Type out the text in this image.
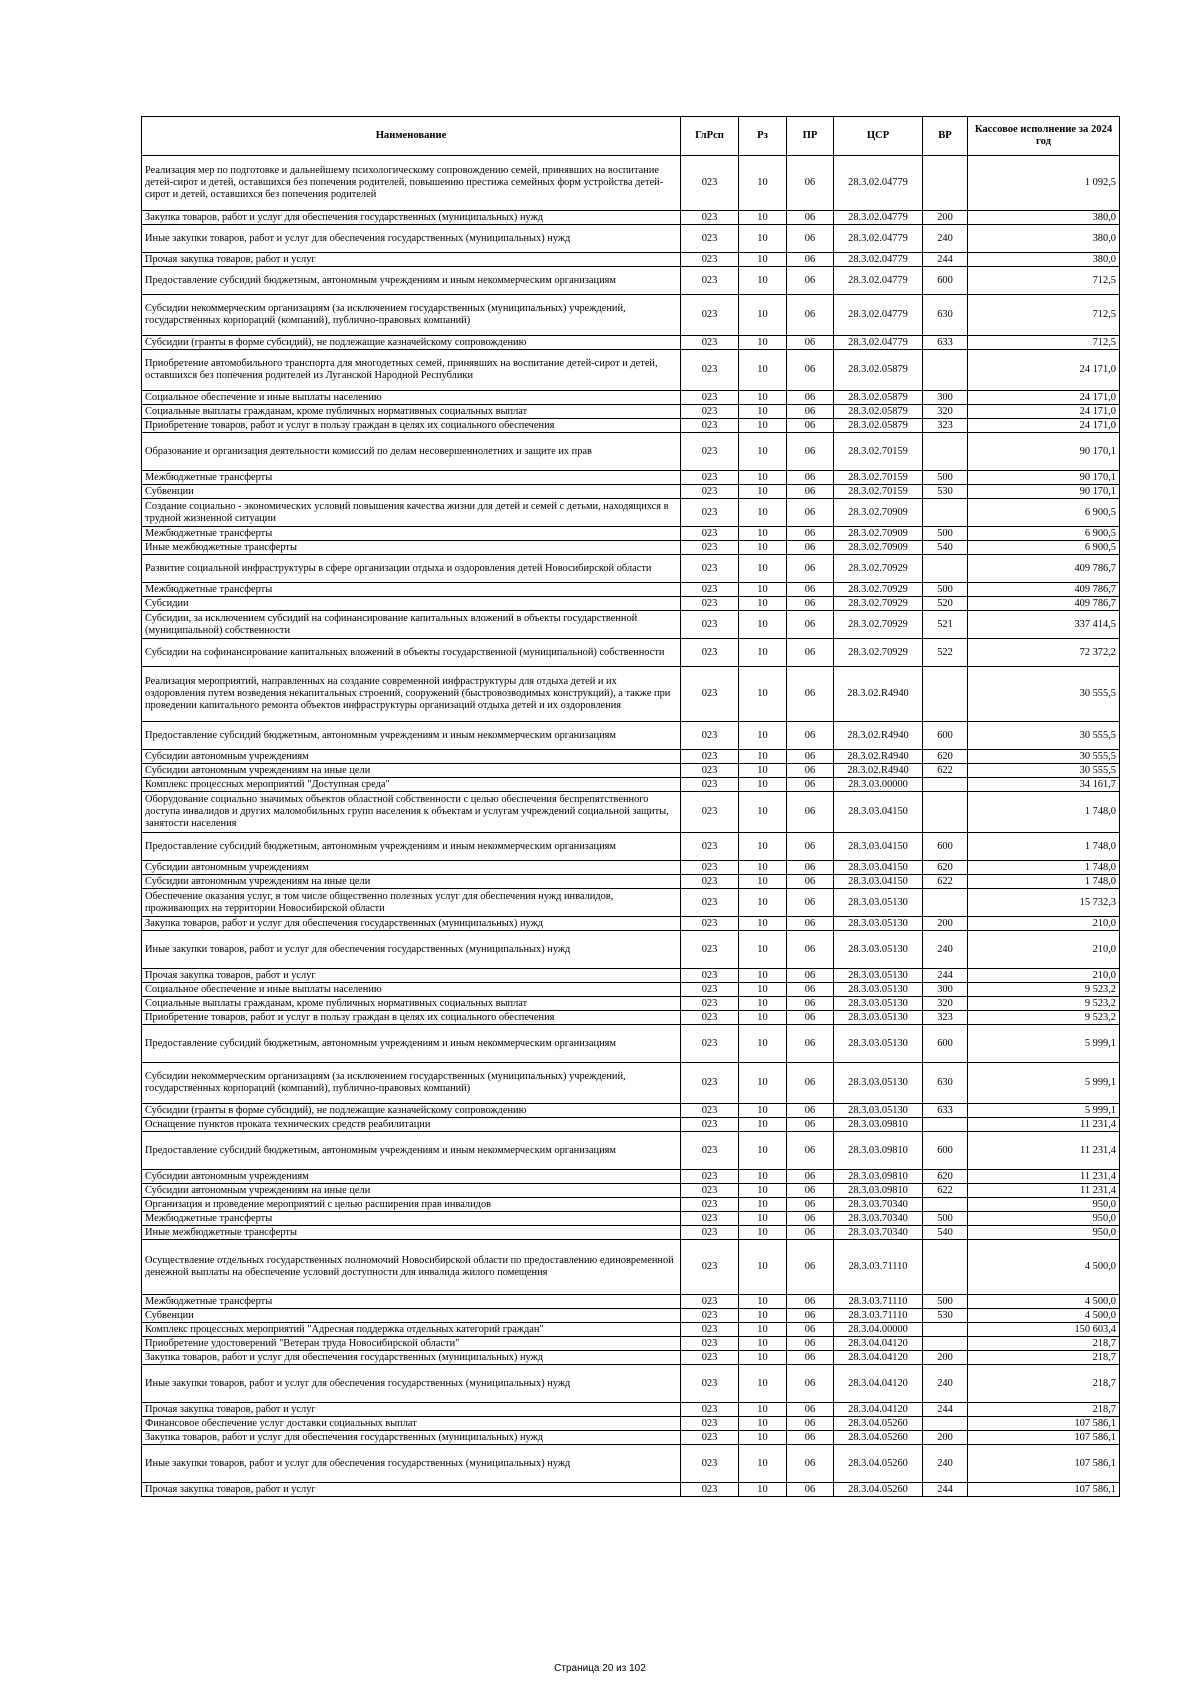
Наименование	ГлРсп	Рз	ПР	ЦСР	ВР	Кассовое исполнение за 2024 год
Реализация мер по подготовке и дальнейшему психологическому сопровождению семей, принявших на воспитание детей-сирот и детей, оставшихся без попечения родителей, повышению престижа семейных форм устройства детей-сирот и детей, оставшихся без попечения родителей	023	10	06	28.3.02.04779		1 092,5
Закупка товаров, работ и услуг для обеспечения государственных (муниципальных) нужд	023	10	06	28.3.02.04779	200	380,0
Иные закупки товаров, работ и услуг для обеспечения государственных (муниципальных) нужд	023	10	06	28.3.02.04779	240	380,0
Прочая закупка товаров, работ и услуг	023	10	06	28.3.02.04779	244	380,0
Предоставление субсидий бюджетным, автономным учреждениям и иным некоммерческим организациям	023	10	06	28.3.02.04779	600	712,5
Субсидии некоммерческим организациям (за исключением государственных (муниципальных) учреждений, государственных корпораций (компаний), публично-правовых компаний)	023	10	06	28.3.02.04779	630	712,5
Субсидии (гранты в форме субсидий), не подлежащие казначейскому сопровождению	023	10	06	28.3.02.04779	633	712,5
Приобретение автомобильного транспорта для многодетных семей, принявших на воспитание детей-сирот и детей, оставшихся без попечения родителей из Луганской Народной Республики	023	10	06	28.3.02.05879		24 171,0
Социальное обеспечение и иные выплаты населению	023	10	06	28.3.02.05879	300	24 171,0
Социальные выплаты гражданам, кроме публичных нормативных социальных выплат	023	10	06	28.3.02.05879	320	24 171,0
Приобретение товаров, работ и услуг в пользу граждан в целях их социального обеспечения	023	10	06	28.3.02.05879	323	24 171,0
Образование и организация деятельности комиссий по делам несовершеннолетних и защите их прав	023	10	06	28.3.02.70159		90 170,1
Межбюджетные трансферты	023	10	06	28.3.02.70159	500	90 170,1
Субвенции	023	10	06	28.3.02.70159	530	90 170,1
Создание социально - экономических условий повышения качества жизни для детей и семей с детьми, находящихся в трудной жизненной ситуации	023	10	06	28.3.02.70909		6 900,5
Межбюджетные трансферты	023	10	06	28.3.02.70909	500	6 900,5
Иные межбюджетные трансферты	023	10	06	28.3.02.70909	540	6 900,5
Развитие социальной инфраструктуры в сфере организации отдыха и оздоровления детей Новосибирской области	023	10	06	28.3.02.70929		409 786,7
Межбюджетные трансферты	023	10	06	28.3.02.70929	500	409 786,7
Субсидии	023	10	06	28.3.02.70929	520	409 786,7
Субсидии, за исключением субсидий на софинансирование капитальных вложений в объекты государственной (муниципальной) собственности	023	10	06	28.3.02.70929	521	337 414,5
Субсидии на софинансирование капитальных вложений в объекты государственной (муниципальной) собственности	023	10	06	28.3.02.70929	522	72 372,2
Реализация мероприятий, направленных на создание современной инфраструктуры для отдыха детей и их оздоровления путем возведения некапитальных строений, сооружений (быстровозводимых конструкций), а также при проведении капитального ремонта объектов инфраструктуры организаций отдыха детей и их оздоровления	023	10	06	28.3.02.R4940		30 555,5
Предоставление субсидий бюджетным, автономным учреждениям и иным некоммерческим организациям	023	10	06	28.3.02.R4940	600	30 555,5
Субсидии автономным учреждениям	023	10	06	28.3.02.R4940	620	30 555,5
Субсидии автономным учреждениям на иные цели	023	10	06	28.3.02.R4940	622	30 555,5
Комплекс процессных мероприятий "Доступная среда"	023	10	06	28.3.03.00000		34 161,7
Оборудование социально значимых объектов областной собственности с целью обеспечения беспрепятственного доступа инвалидов и других маломобильных групп населения к объектам и услугам учреждений социальной защиты, занятости населения	023	10	06	28.3.03.04150		1 748,0
Предоставление субсидий бюджетным, автономным учреждениям и иным некоммерческим организациям	023	10	06	28.3.03.04150	600	1 748,0
Субсидии автономным учреждениям	023	10	06	28.3.03.04150	620	1 748,0
Субсидии автономным учреждениям на иные цели	023	10	06	28.3.03.04150	622	1 748,0
Обеспечение оказания услуг, в том числе общественно полезных услуг для обеспечения нужд инвалидов, проживающих на территории Новосибирской области	023	10	06	28.3.03.05130		15 732,3
Закупка товаров, работ и услуг для обеспечения государственных (муниципальных) нужд	023	10	06	28.3.03.05130	200	210,0
Иные закупки товаров, работ и услуг для обеспечения государственных (муниципальных) нужд	023	10	06	28.3.03.05130	240	210,0
Прочая закупка товаров, работ и услуг	023	10	06	28.3.03.05130	244	210,0
Социальное обеспечение и иные выплаты населению	023	10	06	28.3.03.05130	300	9 523,2
Социальные выплаты гражданам, кроме публичных нормативных социальных выплат	023	10	06	28.3.03.05130	320	9 523,2
Приобретение товаров, работ и услуг в пользу граждан в целях их социального обеспечения	023	10	06	28.3.03.05130	323	9 523,2
Предоставление субсидий бюджетным, автономным учреждениям и иным некоммерческим организациям	023	10	06	28.3.03.05130	600	5 999,1
Субсидии некоммерческим организациям (за исключением государственных (муниципальных) учреждений, государственных корпораций (компаний), публично-правовых компаний)	023	10	06	28.3.03.05130	630	5 999,1
Субсидии (гранты в форме субсидий), не подлежащие казначейскому сопровождению	023	10	06	28.3.03.05130	633	5 999,1
Оснащение пунктов проката технических средств реабилитации	023	10	06	28.3.03.09810		11 231,4
Предоставление субсидий бюджетным, автономным учреждениям и иным некоммерческим организациям	023	10	06	28.3.03.09810	600	11 231,4
Субсидии автономным учреждениям	023	10	06	28.3.03.09810	620	11 231,4
Субсидии автономным учреждениям на иные цели	023	10	06	28.3.03.09810	622	11 231,4
Организация и проведение мероприятий с целью расширения прав инвалидов	023	10	06	28.3.03.70340		950,0
Межбюджетные трансферты	023	10	06	28.3.03.70340	500	950,0
Иные межбюджетные трансферты	023	10	06	28.3.03.70340	540	950,0
Осуществление отдельных государственных полномочий Новосибирской области по предоставлению единовременной денежной выплаты на обеспечение условий доступности для инвалида жилого помещения	023	10	06	28.3.03.71110		4 500,0
Межбюджетные трансферты	023	10	06	28.3.03.71110	500	4 500,0
Субвенции	023	10	06	28.3.03.71110	530	4 500,0
Комплекс процессных мероприятий "Адресная поддержка отдельных категорий граждан"	023	10	06	28.3.04.00000		150 603,4
Приобретение удостоверений "Ветеран труда Новосибирской области"	023	10	06	28.3.04.04120		218,7
Закупка товаров, работ и услуг для обеспечения государственных (муниципальных) нужд	023	10	06	28.3.04.04120	200	218,7
Иные закупки товаров, работ и услуг для обеспечения государственных (муниципальных) нужд	023	10	06	28.3.04.04120	240	218,7
Прочая закупка товаров, работ и услуг	023	10	06	28.3.04.04120	244	218,7
Финансовое обеспечение услуг доставки социальных выплат	023	10	06	28.3.04.05260		107 586,1
Закупка товаров, работ и услуг для обеспечения государственных (муниципальных) нужд	023	10	06	28.3.04.05260	200	107 586,1
Иные закупки товаров, работ и услуг для обеспечения государственных (муниципальных) нужд	023	10	06	28.3.04.05260	240	107 586,1
Прочая закупка товаров, работ и услуг	023	10	06	28.3.04.05260	244	107 586,1
Страница 20 из 102
